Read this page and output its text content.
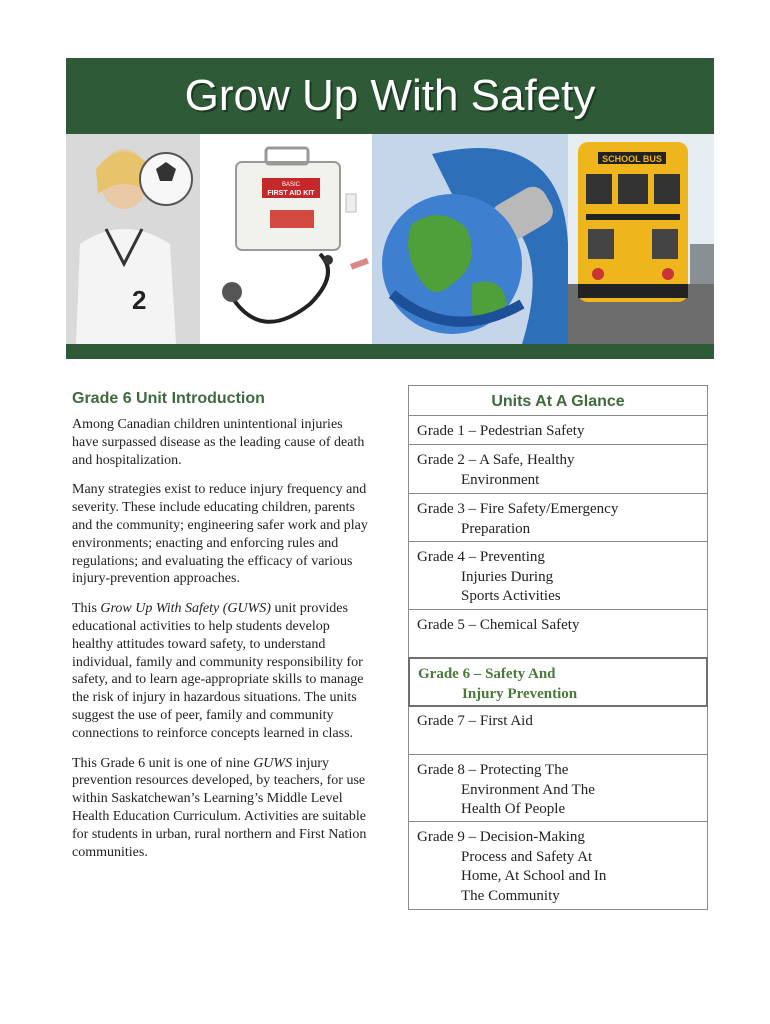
Grow Up With Safety
2
BASIC
FIRST AID KIT
SCHOOL BUS
Grade 6 Unit Introduction

Among Canadian children unintentional injuries have surpassed disease as the leading cause of death and hospitalization.

Many strategies exist to reduce injury frequency and severity. These include educating children, parents and the community; engineering safer work and play environments; enacting and enforcing rules and regulations; and evaluating the efficacy of various injury-prevention approaches.

This Grow Up With Safety (GUWS) unit provides educational activities to help students develop healthy attitudes toward safety, to understand individual, family and community responsibility for safety, and to learn age-appropriate skills to manage the risk of injury in hazardous situations. The units suggest the use of peer, family and community connections to reinforce concepts learned in class.

This Grade 6 unit is one of nine GUWS injury prevention resources developed, by teachers, for use within Saskatchewan’s Learning’s Middle Level Health Education Curriculum. Activities are suitable for students in urban, rural northern and First Nation communities.

Units At A Glance
Grade 1 – Pedestrian Safety
Grade 2 – A Safe, Healthy
Environment
Grade 3 – Fire Safety/Emergency
Preparation
Grade 4 – Preventing
Injuries During
Sports Activities
Grade 5 – Chemical Safety
Grade 6 – Safety And
Injury Prevention
Grade 7 – First Aid
Grade 8 – Protecting The
Environment And The
Health Of People
Grade 9 – Decision-Making
Process and Safety At
Home, At School and In
The Community
